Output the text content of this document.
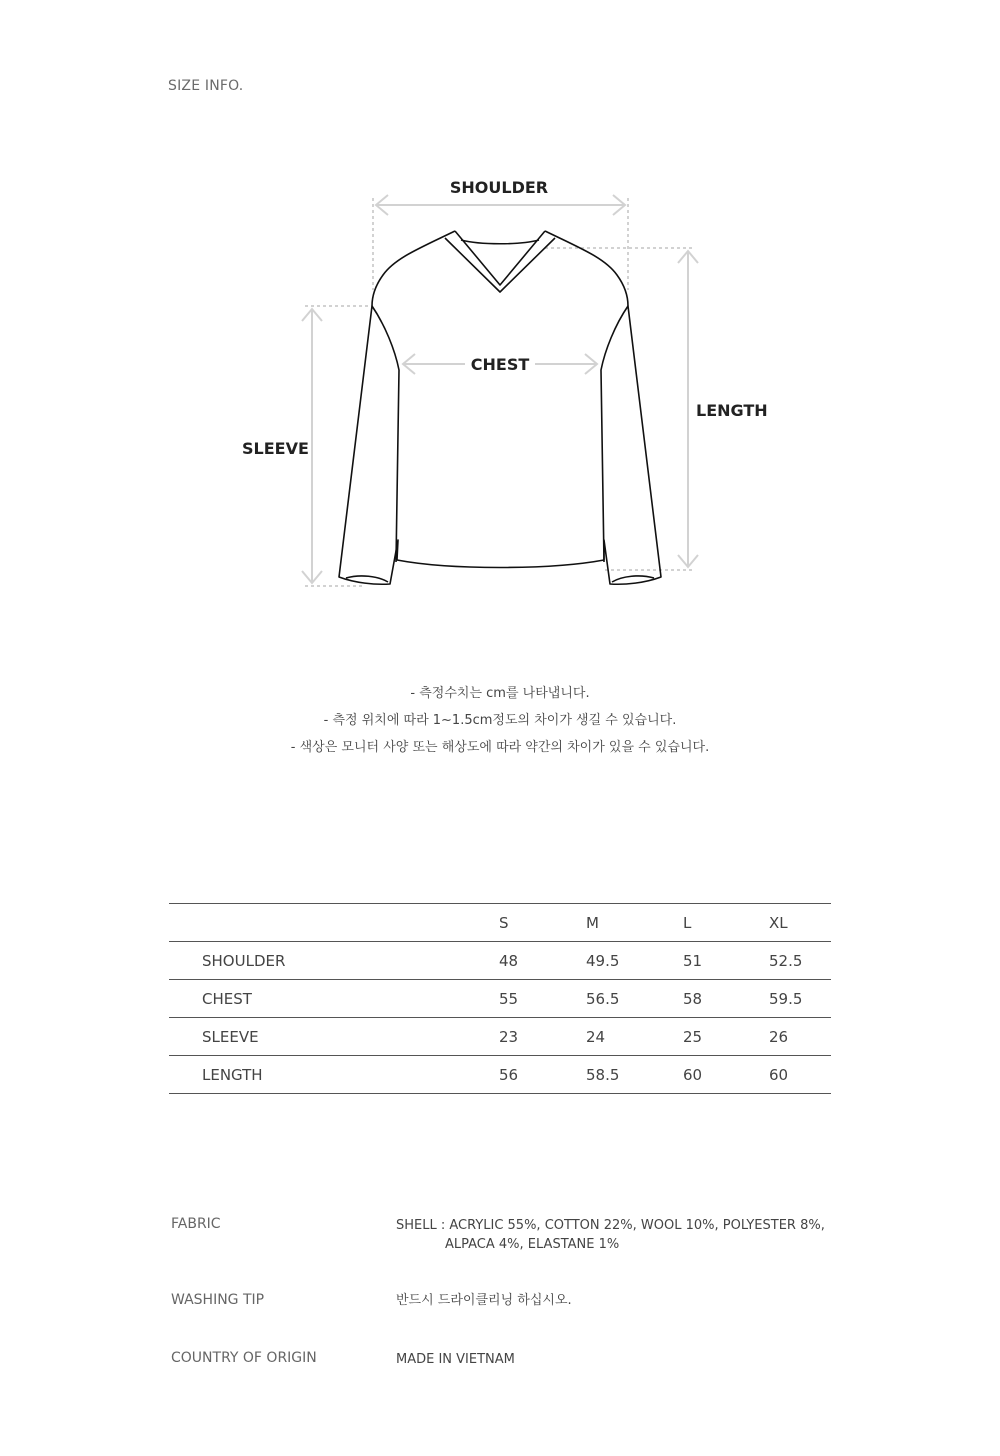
SIZE INFO.
SHOULDER
CHEST
LENGTH
SLEEVE
- 측정수치는 cm를 나타냅니다.
- 측정 위치에 따라 1~1.5cm정도의 차이가 생길 수 있습니다.
- 색상은 모니터 사양 또는 해상도에 따라 약간의 차이가 있을 수 있습니다.
	S	M	L	XL
SHOULDER	48	49.5	51	52.5
CHEST	55	56.5	58	59.5
SLEEVE	23	24	25	26
LENGTH	56	58.5	60	60
FABRIC	SHELL : ACRYLIC 55%, COTTON 22%, WOOL 10%, POLYESTER 8%,
ALPACA 4%, ELASTANE 1%
WASHING TIP	반드시 드라이클리닝 하십시오.
COUNTRY OF ORIGIN	MADE IN VIETNAM
